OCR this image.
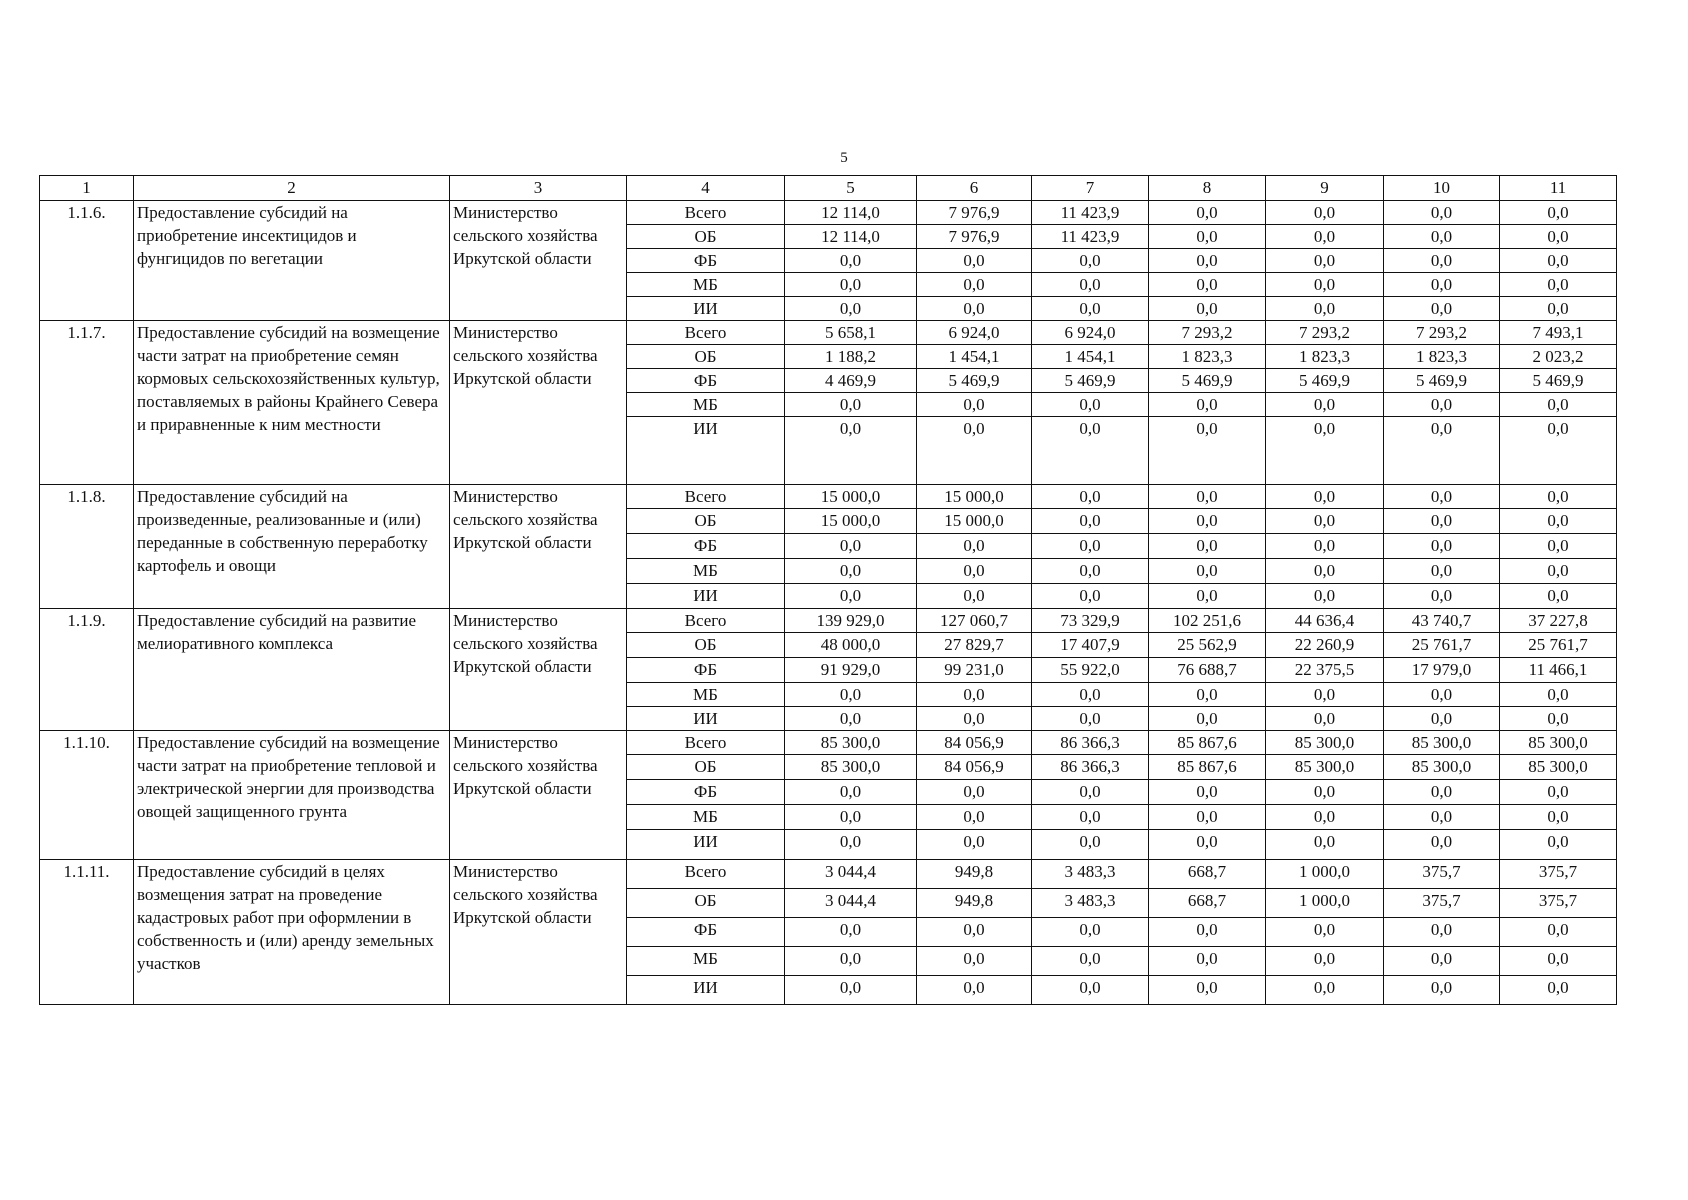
5
1	2	3	4	5	6	7	8	9	10	11
1.1.6.	Предоставление субсидий на приобретение инсектицидов и фунгицидов по вегетации	Министерство сельского хозяйства Иркутской области	Всего	12 114,0	7 976,9	11 423,9	0,0	0,0	0,0	0,0
			ОБ	12 114,0	7 976,9	11 423,9	0,0	0,0	0,0	0,0
			ФБ	0,0	0,0	0,0	0,0	0,0	0,0	0,0
			МБ	0,0	0,0	0,0	0,0	0,0	0,0	0,0
			ИИ	0,0	0,0	0,0	0,0	0,0	0,0	0,0
1.1.7.	Предоставление субсидий на возмещение части затрат на приобретение семян кормовых сельскохозяйственных культур, поставляемых в районы Крайнего Севера и приравненные к ним местности	Министерство сельского хозяйства Иркутской области	Всего	5 658,1	6 924,0	6 924,0	7 293,2	7 293,2	7 293,2	7 493,1
			ОБ	1 188,2	1 454,1	1 454,1	1 823,3	1 823,3	1 823,3	2 023,2
			ФБ	4 469,9	5 469,9	5 469,9	5 469,9	5 469,9	5 469,9	5 469,9
			МБ	0,0	0,0	0,0	0,0	0,0	0,0	0,0
			ИИ	0,0	0,0	0,0	0,0	0,0	0,0	0,0
1.1.8.	Предоставление субсидий на произведенные, реализованные и (или) переданные в собственную переработку картофель и овощи	Министерство сельского хозяйства Иркутской области	Всего	15 000,0	15 000,0	0,0	0,0	0,0	0,0	0,0
			ОБ	15 000,0	15 000,0	0,0	0,0	0,0	0,0	0,0
			ФБ	0,0	0,0	0,0	0,0	0,0	0,0	0,0
			МБ	0,0	0,0	0,0	0,0	0,0	0,0	0,0
			ИИ	0,0	0,0	0,0	0,0	0,0	0,0	0,0
1.1.9.	Предоставление субсидий на развитие мелиоративного комплекса	Министерство сельского хозяйства Иркутской области	Всего	139 929,0	127 060,7	73 329,9	102 251,6	44 636,4	43 740,7	37 227,8
			ОБ	48 000,0	27 829,7	17 407,9	25 562,9	22 260,9	25 761,7	25 761,7
			ФБ	91 929,0	99 231,0	55 922,0	76 688,7	22 375,5	17 979,0	11 466,1
			МБ	0,0	0,0	0,0	0,0	0,0	0,0	0,0
			ИИ	0,0	0,0	0,0	0,0	0,0	0,0	0,0
1.1.10.	Предоставление субсидий на возмещение части затрат на приобретение тепловой и электрической энергии для производства овощей защищенного грунта	Министерство сельского хозяйства Иркутской области	Всего	85 300,0	84 056,9	86 366,3	85 867,6	85 300,0	85 300,0	85 300,0
			ОБ	85 300,0	84 056,9	86 366,3	85 867,6	85 300,0	85 300,0	85 300,0
			ФБ	0,0	0,0	0,0	0,0	0,0	0,0	0,0
			МБ	0,0	0,0	0,0	0,0	0,0	0,0	0,0
			ИИ	0,0	0,0	0,0	0,0	0,0	0,0	0,0
1.1.11.	Предоставление субсидий в целях возмещения затрат на проведение кадастровых работ при оформлении в собственность и (или) аренду земельных участков	Министерство сельского хозяйства Иркутской области	Всего	3 044,4	949,8	3 483,3	668,7	1 000,0	375,7	375,7
			ОБ	3 044,4	949,8	3 483,3	668,7	1 000,0	375,7	375,7
			ФБ	0,0	0,0	0,0	0,0	0,0	0,0	0,0
			МБ	0,0	0,0	0,0	0,0	0,0	0,0	0,0
			ИИ	0,0	0,0	0,0	0,0	0,0	0,0	0,0
